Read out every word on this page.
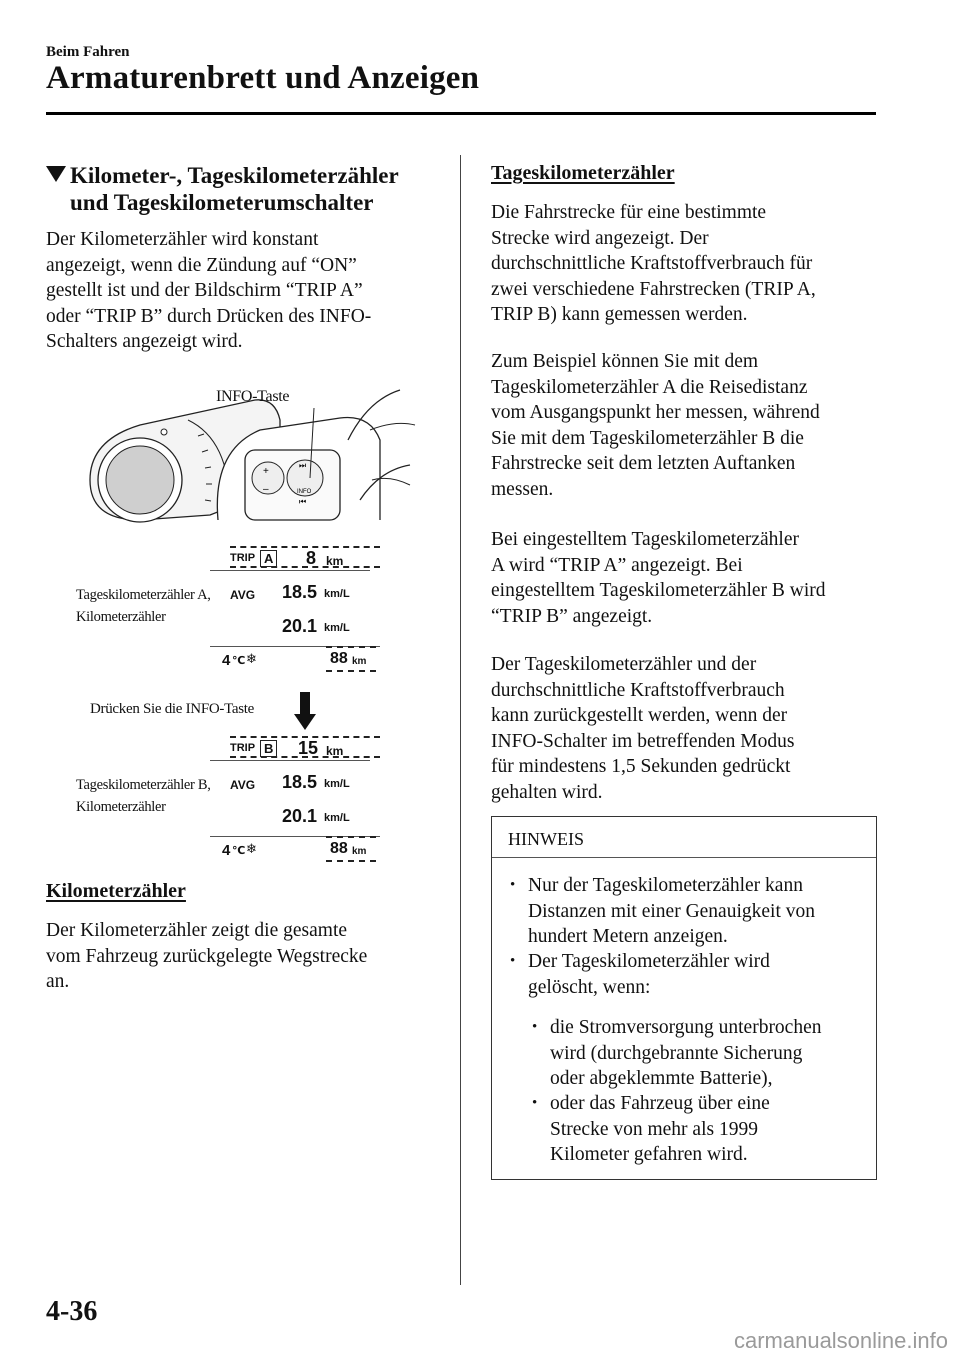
Beim Fahren
Armaturenbrett und Anzeigen
Kilometer-, Tageskilometerzähler
und Tageskilometerumschalter
Der Kilometerzähler wird konstant
angezeigt, wenn die Zündung auf “ON”
gestellt ist und der Bildschirm “TRIP A”
oder “TRIP B” durch Drücken des INFO-
Schalters angezeigt wird.
+
–	INFO
⏭
⏮
INFO-Taste
Tageskilometerzähler A,
Kilometerzähler
TRIP A 8 km
AVG 18.5 km/L
20.1 km/L
4 ℃ ❄	88 km
Drücken Sie die INFO-Taste
Tageskilometerzähler B,
Kilometerzähler
TRIP B 15 km
AVG 18.5 km/L
20.1 km/L
4 ℃ ❄	88 km
Kilometerzähler
Der Kilometerzähler zeigt die gesamte
vom Fahrzeug zurückgelegte Wegstrecke
an.
Tageskilometerzähler
Die Fahrstrecke für eine bestimmte
Strecke wird angezeigt. Der
durchschnittliche Kraftstoffverbrauch für
zwei verschiedene Fahrstrecken (TRIP A,
TRIP B) kann gemessen werden.
Zum Beispiel können Sie mit dem
Tageskilometerzähler A die Reisedistanz
vom Ausgangspunkt her messen, während
Sie mit dem Tageskilometerzähler B die
Fahrstrecke seit dem letzten Auftanken
messen.
Bei eingestelltem Tageskilometerzähler
A wird “TRIP A” angezeigt. Bei
eingestelltem Tageskilometerzähler B wird
“TRIP B” angezeigt.
Der Tageskilometerzähler und der
durchschnittliche Kraftstoffverbrauch
kann zurückgestellt werden, wenn der
INFO-Schalter im betreffenden Modus
für mindestens 1,5 Sekunden gedrückt
gehalten wird.
HINWEIS
• Nur der Tageskilometerzähler kann
Distanzen mit einer Genauigkeit von
hundert Metern anzeigen.
• Der Tageskilometerzähler wird
gelöscht, wenn:
• die Stromversorgung unterbrochen
wird (durchgebrannte Sicherung
oder abgeklemmte Batterie),
• oder das Fahrzeug über eine
Strecke von mehr als 1999
Kilometer gefahren wird.
4-36
carmanualsonline.info
